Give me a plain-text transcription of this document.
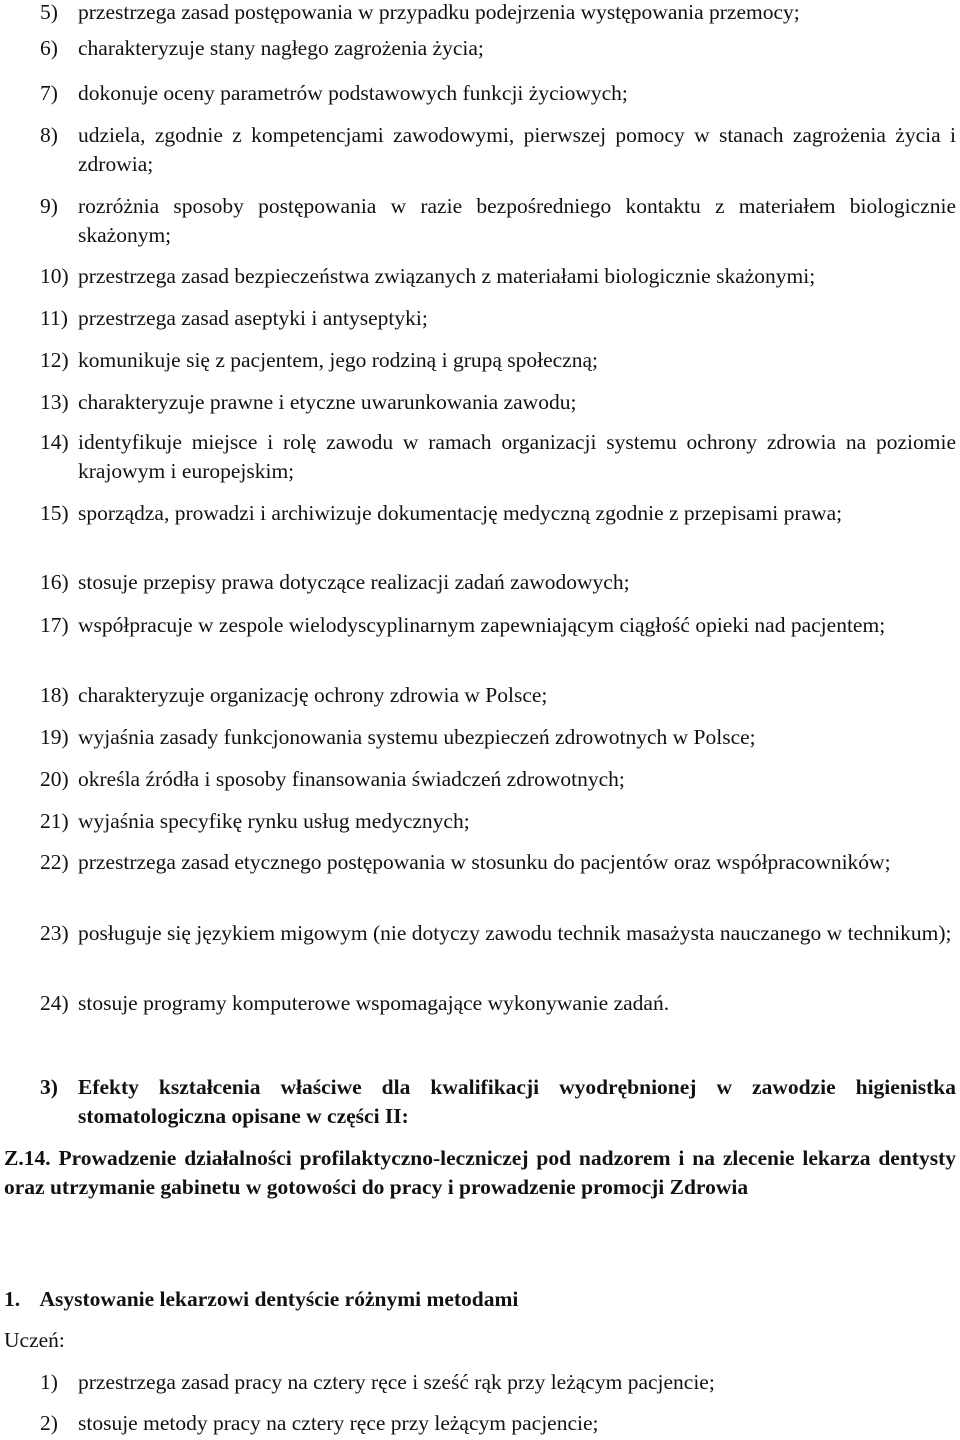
5) przestrzega zasad postępowania w przypadku podejrzenia występowania przemocy;
6) charakteryzuje stany nagłego zagrożenia życia;
7) dokonuje oceny parametrów podstawowych funkcji życiowych;
8) udziela, zgodnie z kompetencjami zawodowymi, pierwszej pomocy w stanach zagrożenia życia i zdrowia;
9) rozróżnia sposoby postępowania w razie bezpośredniego kontaktu z materiałem biologicznie skażonym;
10) przestrzega zasad bezpieczeństwa związanych z materiałami biologicznie skażonymi;
11) przestrzega zasad aseptyki i antyseptyki;
12) komunikuje się z pacjentem, jego rodziną i grupą społeczną;
13) charakteryzuje prawne i etyczne uwarunkowania zawodu;
14) identyfikuje miejsce i rolę zawodu w ramach organizacji systemu ochrony zdrowia na poziomie krajowym i europejskim;
15) sporządza, prowadzi i archiwizuje dokumentację medyczną zgodnie z przepisami prawa;
16) stosuje przepisy prawa dotyczące realizacji zadań zawodowych;
17) współpracuje w zespole wielodyscyplinarnym zapewniającym ciągłość opieki nad pacjentem;
18) charakteryzuje organizację ochrony zdrowia w Polsce;
19) wyjaśnia zasady funkcjonowania systemu ubezpieczeń zdrowotnych w Polsce;
20) określa źródła i sposoby finansowania świadczeń zdrowotnych;
21) wyjaśnia specyfikę rynku usług medycznych;
22) przestrzega zasad etycznego postępowania w stosunku do pacjentów oraz współpracowników;
23) posługuje się językiem migowym (nie dotyczy zawodu technik masażysta nauczanego w technikum);
24) stosuje programy komputerowe wspomagające wykonywanie zadań.
3) Efekty kształcenia właściwe dla kwalifikacji wyodrębnionej w zawodzie higienistka stomatologiczna opisane w części II:
Z.14. Prowadzenie działalności profilaktyczno-leczniczej pod nadzorem i na zlecenie lekarza dentysty oraz utrzymanie gabinetu w gotowości do pracy i prowadzenie promocji Zdrowia
1. Asystowanie lekarzowi dentyście różnymi metodami
Uczeń:
1) przestrzega zasad pracy na cztery ręce i sześć rąk przy leżącym pacjencie;
2) stosuje metody pracy na cztery ręce przy leżącym pacjencie;
